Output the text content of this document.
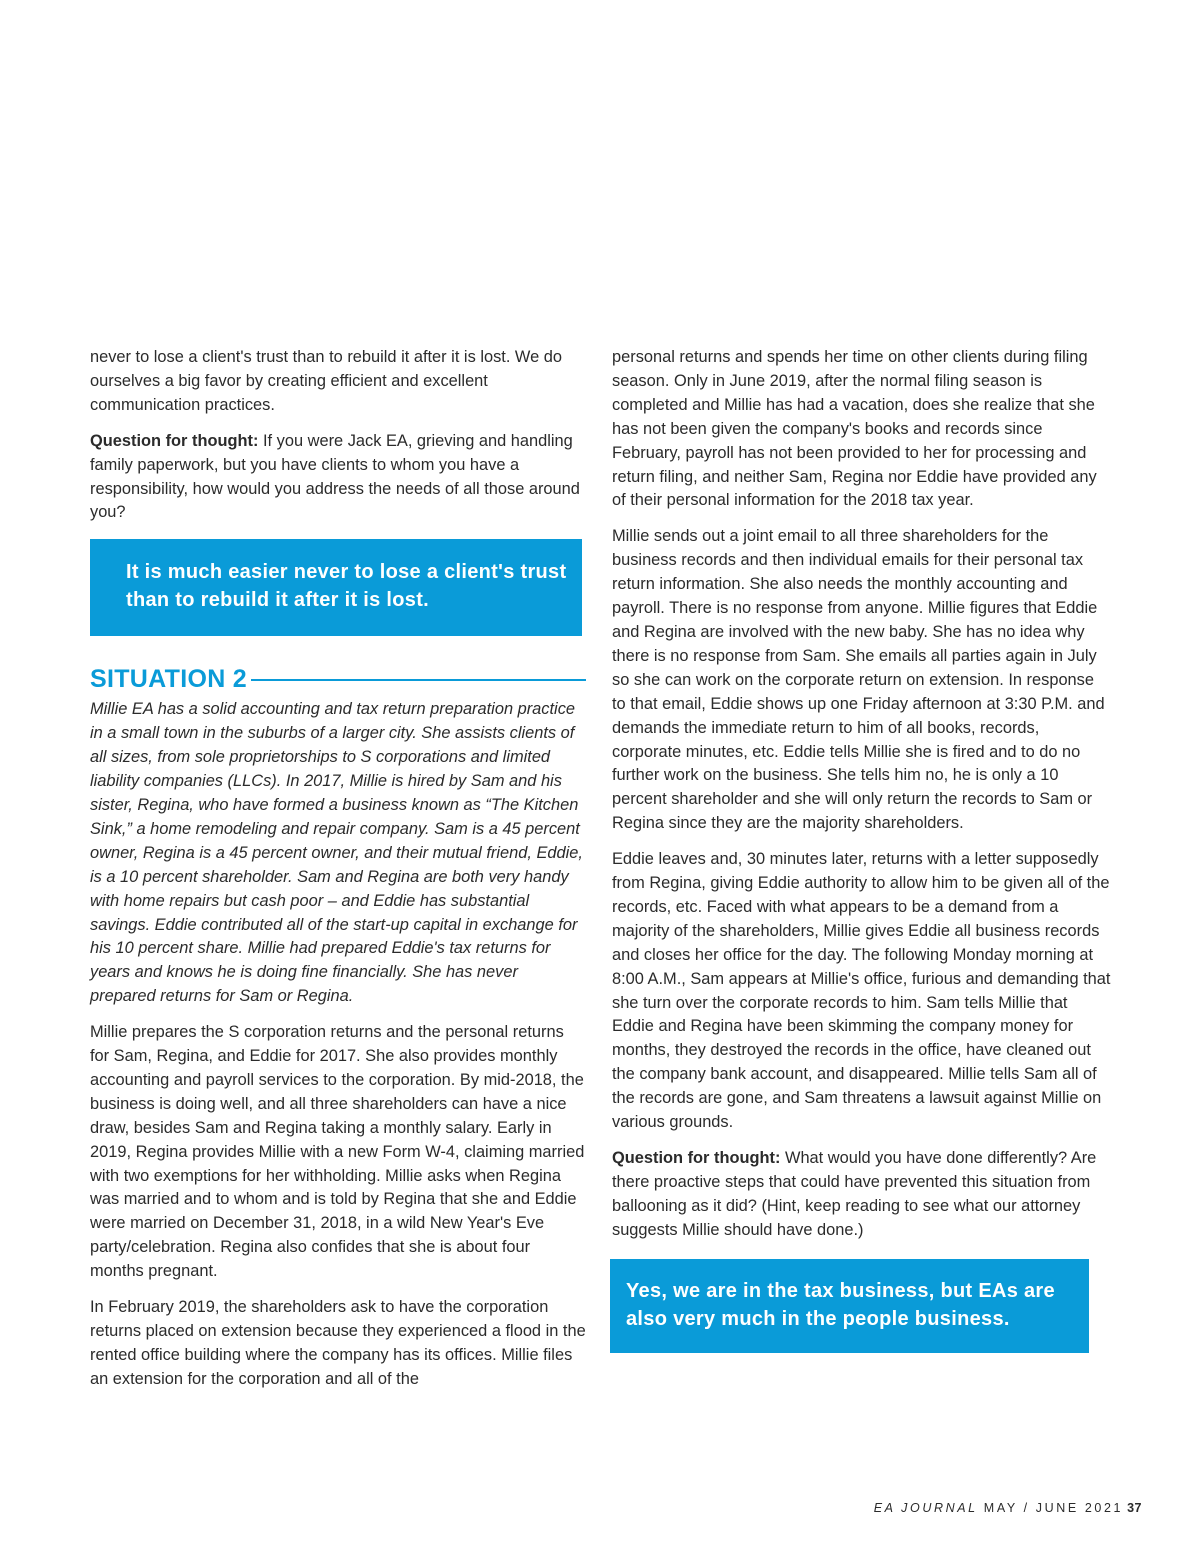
never to lose a client's trust than to rebuild it after it is lost. We do ourselves a big favor by creating efficient and excellent communication practices.

Question for thought: If you were Jack EA, grieving and handling family paperwork, but you have clients to whom you have a responsibility, how would you address the needs of all those around you?

It is much easier never to lose a client's trust than to rebuild it after it is lost.
SITUATION 2

Millie EA has a solid accounting and tax return preparation practice in a small town in the suburbs of a larger city. She assists clients of all sizes, from sole proprietorships to S corporations and limited liability companies (LLCs). In 2017, Millie is hired by Sam and his sister, Regina, who have formed a business known as “The Kitchen Sink,” a home remodeling and repair company. Sam is a 45 percent owner, Regina is a 45 percent owner, and their mutual friend, Eddie, is a 10 percent shareholder. Sam and Regina are both very handy with home repairs but cash poor – and Eddie has substantial savings. Eddie contributed all of the start-up capital in exchange for his 10 percent share. Millie had prepared Eddie's tax returns for years and knows he is doing fine financially. She has never prepared returns for Sam or Regina.

Millie prepares the S corporation returns and the personal returns for Sam, Regina, and Eddie for 2017. She also provides monthly accounting and payroll services to the corporation. By mid-2018, the business is doing well, and all three shareholders can have a nice draw, besides Sam and Regina taking a monthly salary. Early in 2019, Regina provides Millie with a new Form W-4, claiming married with two exemptions for her withholding. Millie asks when Regina was married and to whom and is told by Regina that she and Eddie were married on December 31, 2018, in a wild New Year's Eve party/celebration. Regina also confides that she is about four months pregnant.

In February 2019, the shareholders ask to have the corporation returns placed on extension because they experienced a flood in the rented office building where the company has its offices. Millie files an extension for the corporation and all of the

personal returns and spends her time on other clients during filing season. Only in June 2019, after the normal filing season is completed and Millie has had a vacation, does she realize that she has not been given the company's books and records since February, payroll has not been provided to her for processing and return filing, and neither Sam, Regina nor Eddie have provided any of their personal information for the 2018 tax year.

Millie sends out a joint email to all three shareholders for the business records and then individual emails for their personal tax return information. She also needs the monthly accounting and payroll. There is no response from anyone. Millie figures that Eddie and Regina are involved with the new baby. She has no idea why there is no response from Sam. She emails all parties again in July so she can work on the corporate return on extension. In response to that email, Eddie shows up one Friday afternoon at 3:30 P.M. and demands the immediate return to him of all books, records, corporate minutes, etc. Eddie tells Millie she is fired and to do no further work on the business. She tells him no, he is only a 10 percent shareholder and she will only return the records to Sam or Regina since they are the majority shareholders.

Eddie leaves and, 30 minutes later, returns with a letter supposedly from Regina, giving Eddie authority to allow him to be given all of the records, etc. Faced with what appears to be a demand from a majority of the shareholders, Millie gives Eddie all business records and closes her office for the day. The following Monday morning at 8:00 A.M., Sam appears at Millie's office, furious and demanding that she turn over the corporate records to him. Sam tells Millie that Eddie and Regina have been skimming the company money for months, they destroyed the records in the office, have cleaned out the company bank account, and disappeared. Millie tells Sam all of the records are gone, and Sam threatens a lawsuit against Millie on various grounds.

Question for thought: What would you have done differently? Are there proactive steps that could have prevented this situation from ballooning as it did? (Hint, keep reading to see what our attorney suggests Millie should have done.)

Yes, we are in the tax business, but EAs are also very much in the people business.
EA JOURNAL MAY / JUNE 2021 37
